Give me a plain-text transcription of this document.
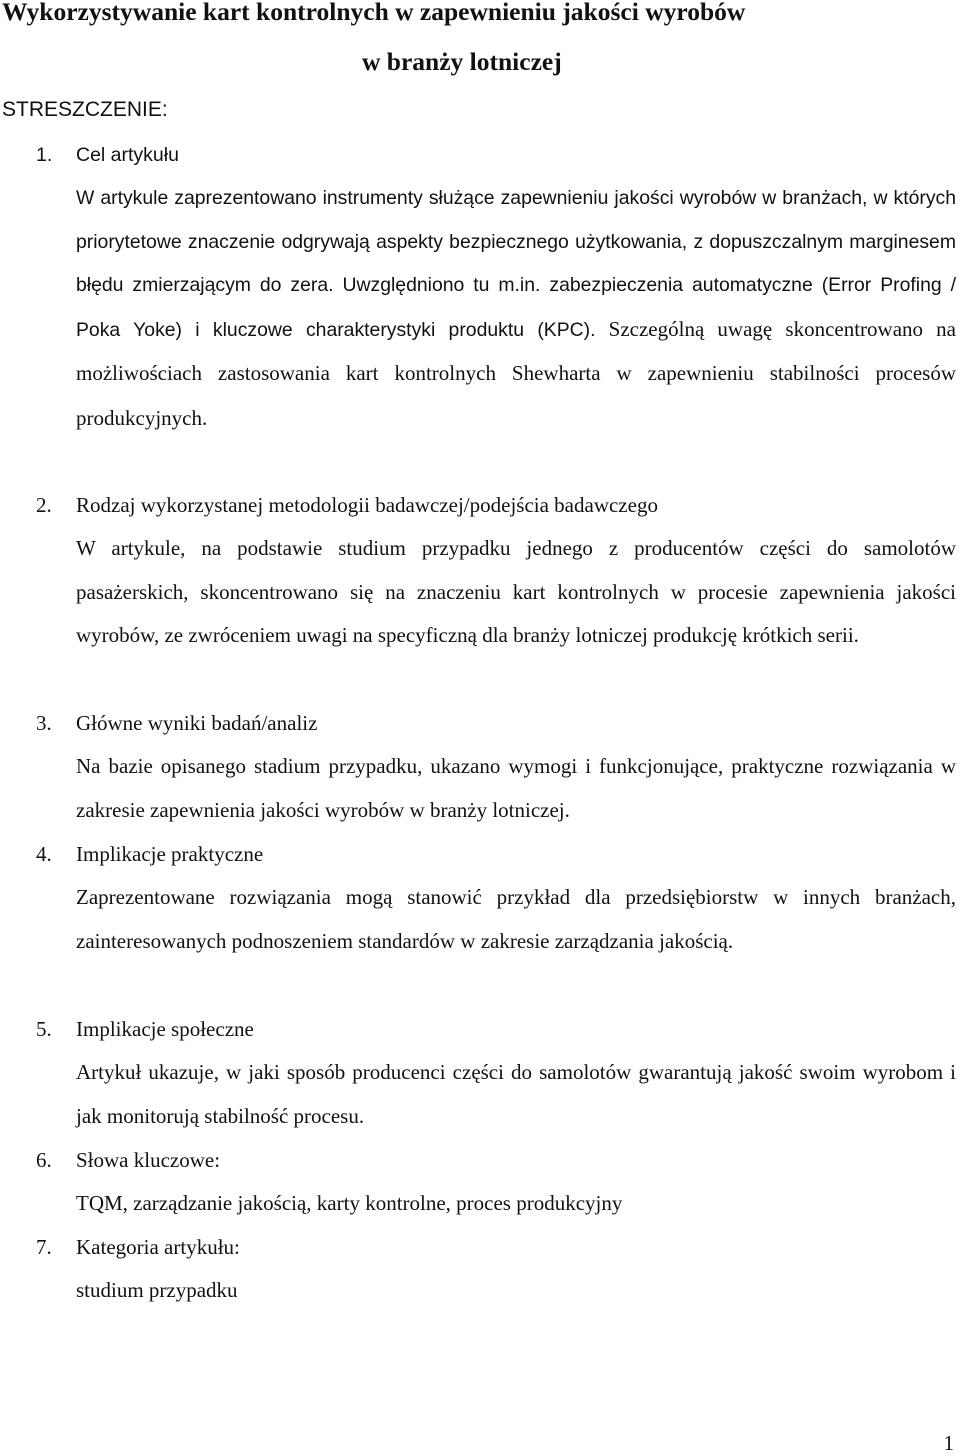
Wykorzystywanie kart kontrolnych w zapewnieniu jakości wyrobów
w branży lotniczej
STRESZCZENIE:
1. Cel artykułu
W artykule zaprezentowano instrumenty służące zapewnieniu jakości wyrobów w branżach, w których priorytetowe znaczenie odgrywają aspekty bezpiecznego użytkowania, z dopuszczalnym marginesem błędu zmierzającym do zera. Uwzględniono tu m.in. zabezpieczenia automatyczne (Error Profing / Poka Yoke) i kluczowe charakterystyki produktu (KPC). Szczególną uwagę skoncentrowano na możliwościach zastosowania kart kontrolnych Shewharta w zapewnieniu stabilności procesów produkcyjnych.
2. Rodzaj wykorzystanej metodologii badawczej/podejścia badawczego
W artykule, na podstawie studium przypadku jednego z producentów części do samolotów pasażerskich, skoncentrowano się na znaczeniu kart kontrolnych w procesie zapewnienia jakości wyrobów, ze zwróceniem uwagi na specyficzną dla branży lotniczej produkcję krótkich serii.
3. Główne wyniki badań/analiz
Na bazie opisanego stadium przypadku, ukazano wymogi i funkcjonujące, praktyczne rozwiązania w zakresie zapewnienia jakości wyrobów w branży lotniczej.
4. Implikacje praktyczne
Zaprezentowane rozwiązania mogą stanowić przykład dla przedsiębiorstw w innych branżach, zainteresowanych podnoszeniem standardów w zakresie zarządzania jakością.
5. Implikacje społeczne
Artykuł ukazuje, w jaki sposób producenci części do samolotów gwarantują jakość swoim wyrobom i jak monitorują stabilność procesu.
6. Słowa kluczowe:
TQM, zarządzanie jakością, karty kontrolne, proces produkcyjny
7. Kategoria artykułu:
studium przypadku
1
